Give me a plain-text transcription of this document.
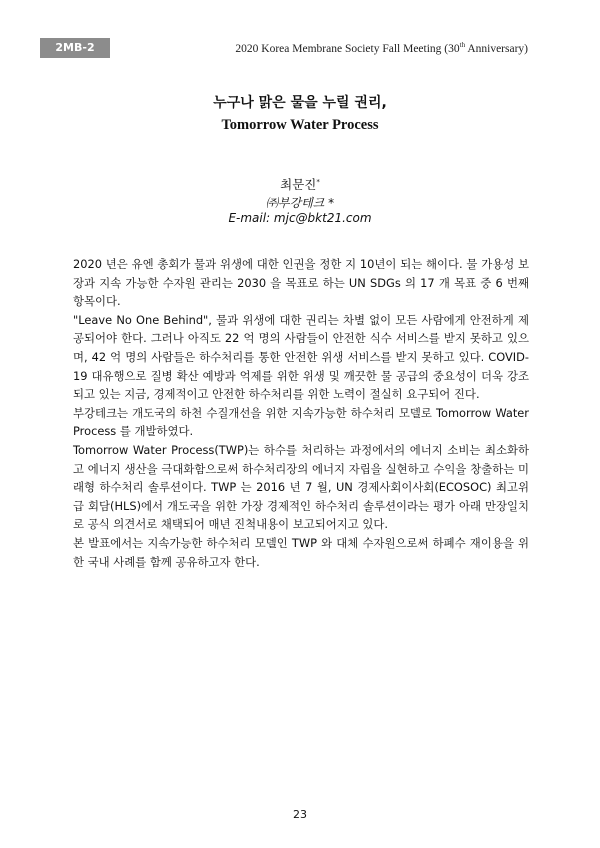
2MB-2	2020 Korea Membrane Society Fall Meeting (30th Anniversary)
누구나 맑은 물을 누릴 권리,
Tomorrow Water Process
최문진*
㈜부강테크 *
E-mail: mjc@bkt21.com

2020 년은 유엔 총회가 물과 위생에 대한 인권을 정한 지 10년이 되는 해이다. 물 가용성 보장과 지속 가능한 수자원 관리는 2030 을 목표로 하는 UN SDGs 의 17 개 목표 중 6 번째 항목이다.

"Leave No One Behind", 물과 위생에 대한 권리는 차별 없이 모든 사람에게 안전하게 제공되어야 한다. 그러나 아직도 22 억 명의 사람들이 안전한 식수 서비스를 받지 못하고 있으며, 42 억 명의 사람들은 하수처리를 통한 안전한 위생 서비스를 받지 못하고 있다. COVID-19 대유행으로 질병 확산 예방과 억제를 위한 위생 및 깨끗한 물 공급의 중요성이 더욱 강조되고 있는 지금, 경제적이고 안전한 하수처리를 위한 노력이 절실히 요구되어 진다.

부강테크는 개도국의 하천 수질개선을 위한 지속가능한 하수처리 모델로 Tomorrow Water Process 를 개발하였다.

Tomorrow Water Process(TWP)는 하수를 처리하는 과정에서의 에너지 소비는 최소화하고 에너지 생산을 극대화함으로써 하수처리장의 에너지 자립을 실현하고 수익을 창출하는 미래형 하수처리 솔루션이다. TWP 는 2016 년 7 월, UN 경제사회이사회(ECOSOC) 최고위급 회담(HLS)에서 개도국을 위한 가장 경제적인 하수처리 솔루션이라는 평가 아래 만장일치로 공식 의견서로 채택되어 매년 진척내용이 보고되어지고 있다.

본 발표에서는 지속가능한 하수처리 모델인 TWP 와 대체 수자원으로써 하폐수 재이용을 위한 국내 사례를 함께 공유하고자 한다.

23
